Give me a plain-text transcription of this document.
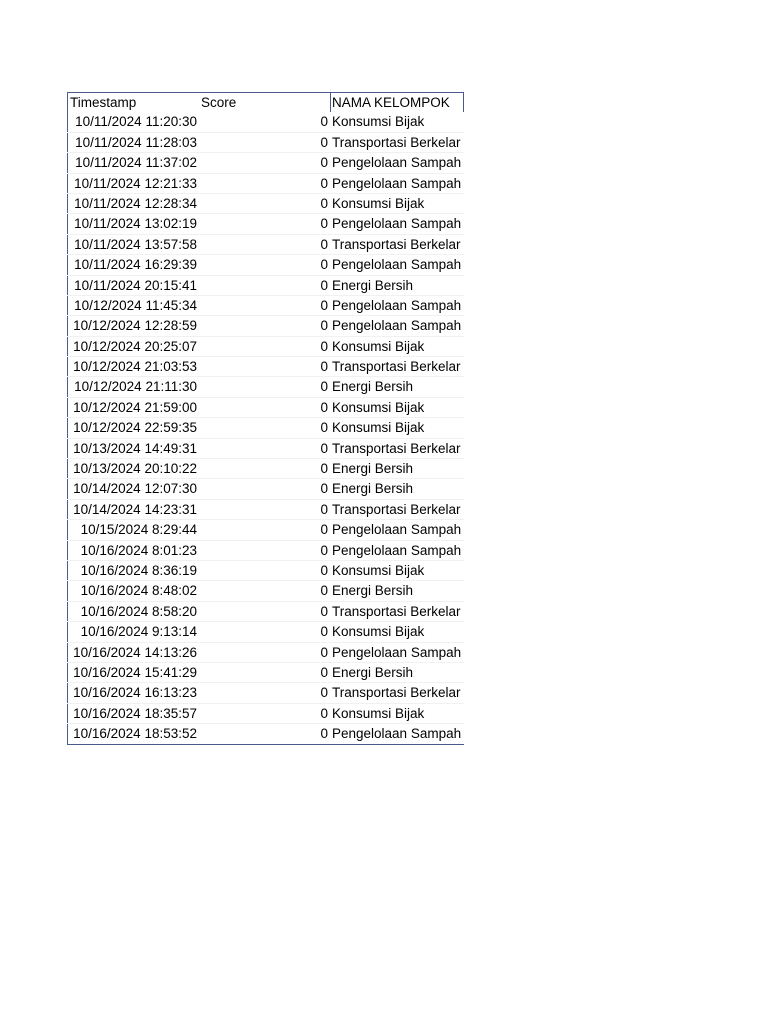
Timestamp	Score	NAMA KELOMPOK
10/11/2024 11:20:30	0 Konsumsi Bijak
10/11/2024 11:28:03	0 Transportasi Berkelar
10/11/2024 11:37:02	0 Pengelolaan Sampah
10/11/2024 12:21:33	0 Pengelolaan Sampah
10/11/2024 12:28:34	0 Konsumsi Bijak
10/11/2024 13:02:19	0 Pengelolaan Sampah
10/11/2024 13:57:58	0 Transportasi Berkelar
10/11/2024 16:29:39	0 Pengelolaan Sampah
10/11/2024 20:15:41	0 Energi Bersih
10/12/2024 11:45:34	0 Pengelolaan Sampah
10/12/2024 12:28:59	0 Pengelolaan Sampah
10/12/2024 20:25:07	0 Konsumsi Bijak
10/12/2024 21:03:53	0 Transportasi Berkelar
10/12/2024 21:11:30	0 Energi Bersih
10/12/2024 21:59:00	0 Konsumsi Bijak
10/12/2024 22:59:35	0 Konsumsi Bijak
10/13/2024 14:49:31	0 Transportasi Berkelar
10/13/2024 20:10:22	0 Energi Bersih
10/14/2024 12:07:30	0 Energi Bersih
10/14/2024 14:23:31	0 Transportasi Berkelar
10/15/2024 8:29:44	0 Pengelolaan Sampah
10/16/2024 8:01:23	0 Pengelolaan Sampah
10/16/2024 8:36:19	0 Konsumsi Bijak
10/16/2024 8:48:02	0 Energi Bersih
10/16/2024 8:58:20	0 Transportasi Berkelar
10/16/2024 9:13:14	0 Konsumsi Bijak
10/16/2024 14:13:26	0 Pengelolaan Sampah
10/16/2024 15:41:29	0 Energi Bersih
10/16/2024 16:13:23	0 Transportasi Berkelar
10/16/2024 18:35:57	0 Konsumsi Bijak
10/16/2024 18:53:52	0 Pengelolaan Sampah
